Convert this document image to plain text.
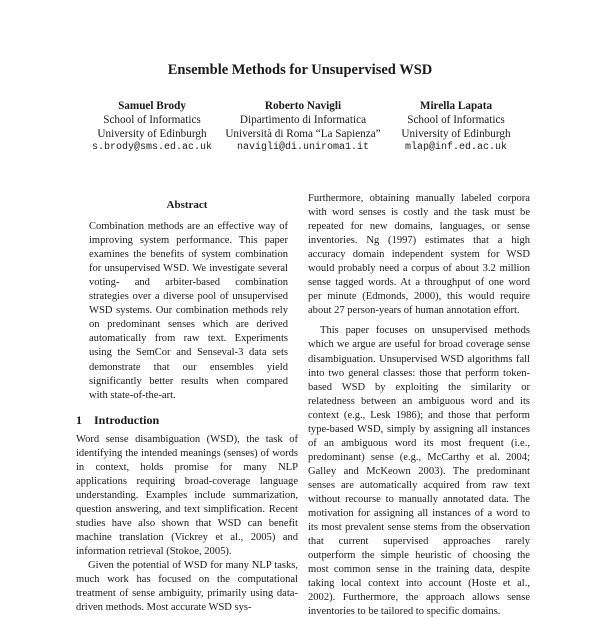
Ensemble Methods for Unsupervised WSD
Samuel Brody
School of Informatics
University of Edinburgh
s.brody@sms.ed.ac.uk
Roberto Navigli
Dipartimento di Informatica
Università di Roma “La Sapienza”
navigli@di.uniroma1.it
Mirella Lapata
School of Informatics
University of Edinburgh
mlap@inf.ed.ac.uk
Abstract

Combination methods are an effective way of improving system performance. This paper examines the benefits of system combination for unsupervised WSD. We investigate several voting- and arbiter-based combination strategies over a diverse pool of unsupervised WSD systems. Our combination methods rely on predominant senses which are derived automatically from raw text. Experiments using the SemCor and Senseval-3 data sets demonstrate that our ensembles yield significantly better results when compared with state-of-the-art.

1 Introduction

Word sense disambiguation (WSD), the task of identifying the intended meanings (senses) of words in context, holds promise for many NLP applications requiring broad-coverage language understanding. Examples include summarization, question answering, and text simplification. Recent studies have also shown that WSD can benefit machine translation (Vickrey et al., 2005) and information retrieval (Stokoe, 2005).

Given the potential of WSD for many NLP tasks, much work has focused on the computational treatment of sense ambiguity, primarily using data-driven methods. Most accurate WSD sys-

Furthermore, obtaining manually labeled corpora with word senses is costly and the task must be repeated for new domains, languages, or sense inventories. Ng (1997) estimates that a high accuracy domain independent system for WSD would probably need a corpus of about 3.2 million sense tagged words. At a throughput of one word per minute (Edmonds, 2000), this would require about 27 person-years of human annotation effort.

This paper focuses on unsupervised methods which we argue are useful for broad coverage sense disambiguation. Unsupervised WSD algorithms fall into two general classes: those that perform token-based WSD by exploiting the similarity or relatedness between an ambiguous word and its context (e.g., Lesk 1986); and those that perform type-based WSD, simply by assigning all instances of an ambiguous word its most frequent (i.e., predominant) sense (e.g., McCarthy et al. 2004; Galley and McKeown 2003). The predominant senses are automatically acquired from raw text without recourse to manually annotated data. The motivation for assigning all instances of a word to its most prevalent sense stems from the observation that current supervised approaches rarely outperform the simple heuristic of choosing the most common sense in the training data, despite taking local context into account (Hoste et al., 2002). Furthermore, the approach allows sense inventories to be tailored to specific domains.
